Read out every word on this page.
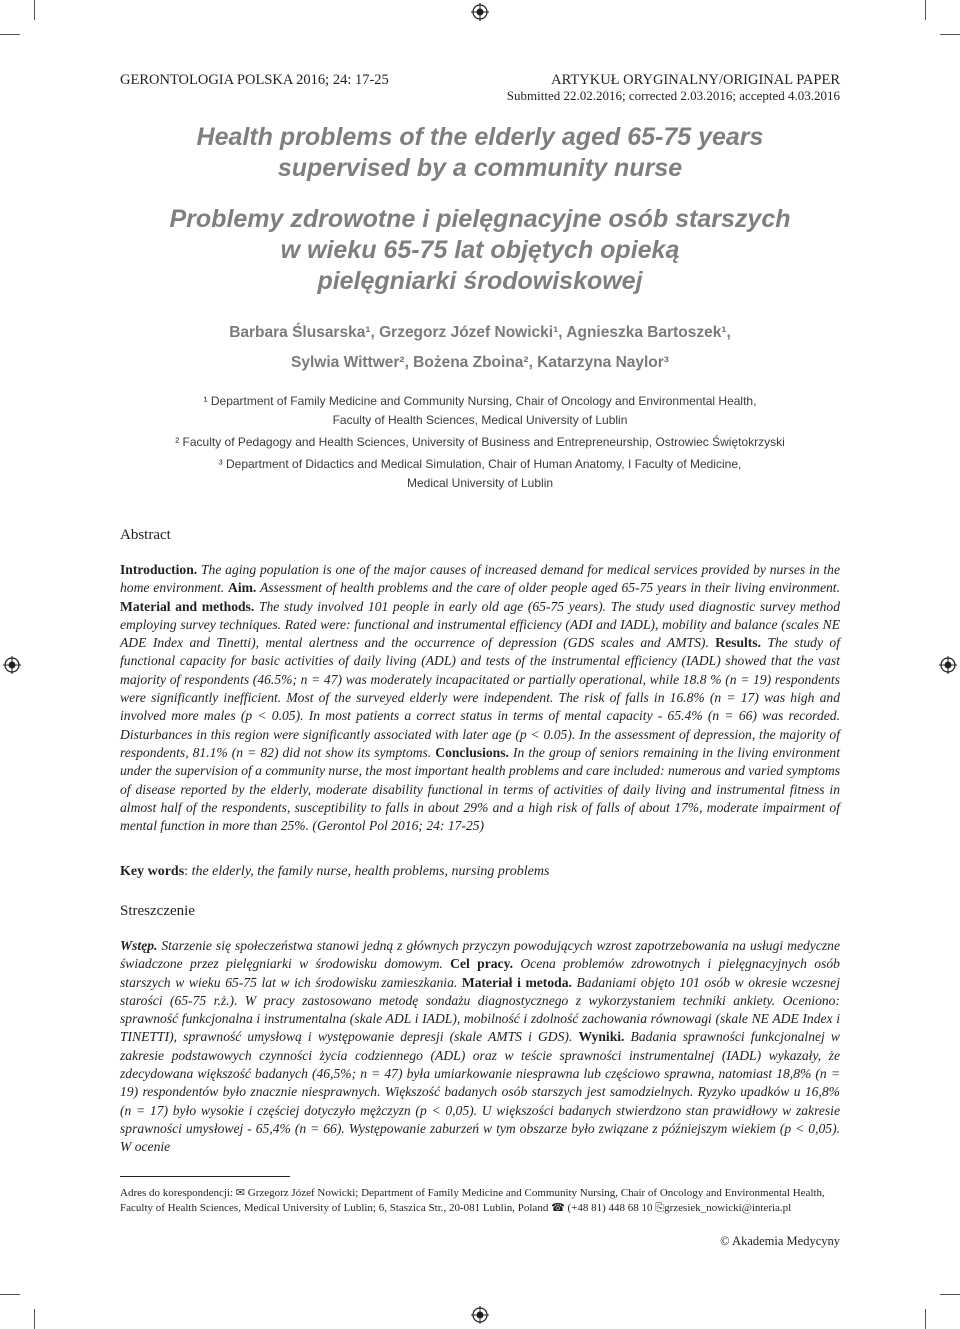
GERONTOLOGIA POLSKA 2016; 24: 17-25	ARTYKUŁ ORYGINALNY/ORIGINAL PAPER
Submitted 22.02.2016; corrected 2.03.2016; accepted 4.03.2016
Health problems of the elderly aged 65-75 years
supervised by a community nurse
Problemy zdrowotne i pielęgnacyjne osób starszych
w wieku 65-75 lat objętych opieką
pielęgniarki środowiskowej
Barbara Ślusarska¹, Grzegorz Józef Nowicki¹, Agnieszka Bartoszek¹,
Sylwia Wittwer², Bożena Zboina², Katarzyna Naylor³

¹ Department of Family Medicine and Community Nursing, Chair of Oncology and Environmental Health,
Faculty of Health Sciences, Medical University of Lublin

² Faculty of Pedagogy and Health Sciences, University of Business and Entrepreneurship, Ostrowiec Świętokrzyski

³ Department of Didactics and Medical Simulation, Chair of Human Anatomy, I Faculty of Medicine,
Medical University of Lublin

Abstract

Introduction. The aging population is one of the major causes of increased demand for medical services provided by nurses in the home environment. Aim. Assessment of health problems and the care of older people aged 65-75 years in their living environment. Material and methods. The study involved 101 people in early old age (65-75 years). The study used diagnostic survey method employing survey techniques. Rated were: functional and instrumental efficiency (ADI and IADL), mobility and balance (scales NE ADE Index and Tinetti), mental alertness and the occurrence of depression (GDS scales and AMTS). Results. The study of functional capacity for basic activities of daily living (ADL) and tests of the instrumental efficiency (IADL) showed that the vast majority of respondents (46.5%; n = 47) was moderately incapacitated or partially operational, while 18.8 % (n = 19) respondents were significantly inefficient. Most of the surveyed elderly were independent. The risk of falls in 16.8% (n = 17) was high and involved more males (p < 0.05). In most patients a correct status in terms of mental capacity - 65.4% (n = 66) was recorded. Disturbances in this region were significantly associated with later age (p < 0.05). In the assessment of depression, the majority of respondents, 81.1% (n = 82) did not show its symptoms. Conclusions. In the group of seniors remaining in the living environment under the supervision of a community nurse, the most important health problems and care included: numerous and varied symptoms of disease reported by the elderly, moderate disability functional in terms of activities of daily living and instrumental fitness in almost half of the respondents, susceptibility to falls in about 29% and a high risk of falls of about 17%, moderate impairment of mental function in more than 25%. (Gerontol Pol 2016; 24: 17-25)

Key words: the elderly, the family nurse, health problems, nursing problems

Streszczenie

Wstęp. Starzenie się społeczeństwa stanowi jedną z głównych przyczyn powodujących wzrost zapotrzebowania na usługi medyczne świadczone przez pielęgniarki w środowisku domowym. Cel pracy. Ocena problemów zdrowotnych i pielęgnacyjnych osób starszych w wieku 65-75 lat w ich środowisku zamieszkania. Materiał i metoda. Badaniami objęto 101 osób w okresie wczesnej starości (65-75 r.ż.). W pracy zastosowano metodę sondażu diagnostycznego z wykorzystaniem techniki ankiety. Oceniono: sprawność funkcjonalna i instrumentalna (skale ADL i IADL), mobilność i zdolność zachowania równowagi (skale NE ADE Index i TINETTI), sprawność umysłową i występowanie depresji (skale AMTS i GDS). Wyniki. Badania sprawności funkcjonalnej w zakresie podstawowych czynności życia codziennego (ADL) oraz w teście sprawności instrumentalnej (IADL) wykazały, że zdecydowana większość badanych (46,5%; n = 47) była umiarkowanie niesprawna lub częściowo sprawna, natomiast 18,8% (n = 19) respondentów było znacznie niesprawnych. Większość badanych osób starszych jest samodzielnych. Ryzyko upadków u 16,8% (n = 17) było wysokie i częściej dotyczyło mężczyzn (p < 0,05). U większości badanych stwierdzono stan prawidłowy w zakresie sprawności umysłowej - 65,4% (n = 66). Występowanie zaburzeń w tym obszarze było związane z późniejszym wiekiem (p < 0,05). W ocenie

Adres do korespondencji: ✉ Grzegorz Józef Nowicki; Department of Family Medicine and Community Nursing, Chair of Oncology and Environmental Health, Faculty of Health Sciences, Medical University of Lublin; 6, Staszica Str., 20-081 Lublin, Poland ☎ (+48 81) 448 68 10 ⎘grzesiek_nowicki@interia.pl

© Akademia Medycyny
